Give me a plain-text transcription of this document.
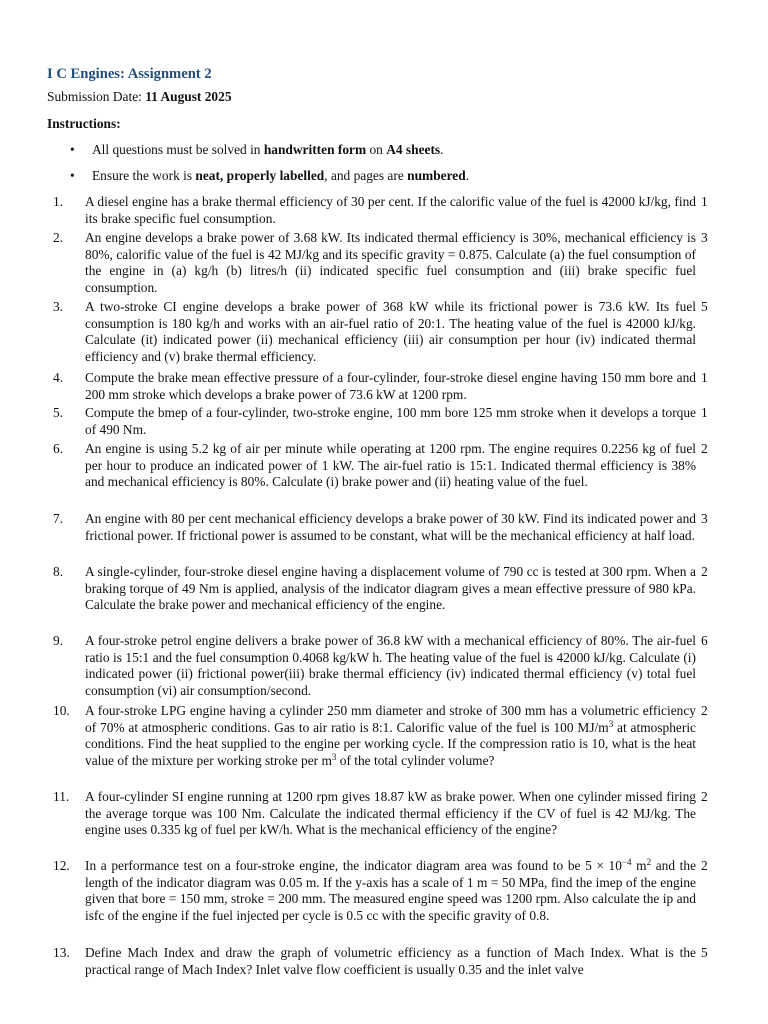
I C Engines: Assignment 2
Submission Date: 11 August 2025
Instructions:
• All questions must be solved in handwritten form on A4 sheets.
• Ensure the work is neat, properly labelled, and pages are numbered.
1. A diesel engine has a brake thermal efficiency of 30 per cent. If the calorific value of the fuel is 42000 kJ/kg, find its brake specific fuel consumption.
1
2. An engine develops a brake power of 3.68 kW. Its indicated thermal efficiency is 30%, mechanical efficiency is 80%, calorific value of the fuel is 42 MJ/kg and its specific gravity = 0.875. Calculate (a) the fuel consumption of the engine in (a) kg/h (b) litres/h (ii) indicated specific fuel consumption and (iii) brake specific fuel consumption.
3
3. A two-stroke CI engine develops a brake power of 368 kW while its frictional power is 73.6 kW. Its fuel consumption is 180 kg/h and works with an air-fuel ratio of 20:1. The heating value of the fuel is 42000 kJ/kg. Calculate (it) indicated power (ii) mechanical efficiency (iii) air consumption per hour (iv) indicated thermal efficiency and (v) brake thermal efficiency.
5
4. Compute the brake mean effective pressure of a four-cylinder, four-stroke diesel engine having 150 mm bore and 200 mm stroke which develops a brake power of 73.6 kW at 1200 rpm.
1
5. Compute the bmep of a four-cylinder, two-stroke engine, 100 mm bore 125 mm stroke when it develops a torque of 490 Nm.
1
6. An engine is using 5.2 kg of air per minute while operating at 1200 rpm. The engine requires 0.2256 kg of fuel per hour to produce an indicated power of 1 kW. The air-fuel ratio is 15:1. Indicated thermal efficiency is 38% and mechanical efficiency is 80%. Calculate (i) brake power and (ii) heating value of the fuel.
2
7. An engine with 80 per cent mechanical efficiency develops a brake power of 30 kW. Find its indicated power and frictional power. If frictional power is assumed to be constant, what will be the mechanical efficiency at half load.
3
8. A single-cylinder, four-stroke diesel engine having a displacement volume of 790 cc is tested at 300 rpm. When a braking torque of 49 Nm is applied, analysis of the indicator diagram gives a mean effective pressure of 980 kPa. Calculate the brake power and mechanical efficiency of the engine.
2
9. A four-stroke petrol engine delivers a brake power of 36.8 kW with a mechanical efficiency of 80%. The air-fuel ratio is 15:1 and the fuel consumption 0.4068 kg/kW h. The heating value of the fuel is 42000 kJ/kg. Calculate (i) indicated power (ii) frictional power(iii) brake thermal efficiency (iv) indicated thermal efficiency (v) total fuel consumption (vi) air consumption/second.
6
10. A four-stroke LPG engine having a cylinder 250 mm diameter and stroke of 300 mm has a volumetric efficiency of 70% at atmospheric conditions. Gas to air ratio is 8:1. Calorific value of the fuel is 100 $MJ/m^3$ at atmospheric conditions. Find the heat supplied to the engine per working cycle. If the compression ratio is 10, what is the heat value of the mixture per working stroke per $m^3$ of the total cylinder volume?
2
11. A four-cylinder SI engine running at 1200 rpm gives 18.87 kW as brake power. When one cylinder missed firing the average torque was 100 Nm. Calculate the indicated thermal efficiency if the CV of fuel is 42 MJ/kg. The engine uses 0.335 kg of fuel per kW/h. What is the mechanical efficiency of the engine?
2
12. In a performance test on a four-stroke engine, the indicator diagram area was found to be $5 \times 10^{-4}$ $m^2$ and the length of the indicator diagram was 0.05 m. If the y-axis has a scale of 1 m = 50 MPa, find the imep of the engine given that bore = 150 mm, stroke = 200 mm. The measured engine speed was 1200 rpm. Also calculate the ip and isfc of the engine if the fuel injected per cycle is 0.5 cc with the specific gravity of 0.8.
2
13. Define Mach Index and draw the graph of volumetric efficiency as a function of Mach Index. What is the practical range of Mach Index? Inlet valve flow coefficient is usually 0.35 and the inlet valve
5
